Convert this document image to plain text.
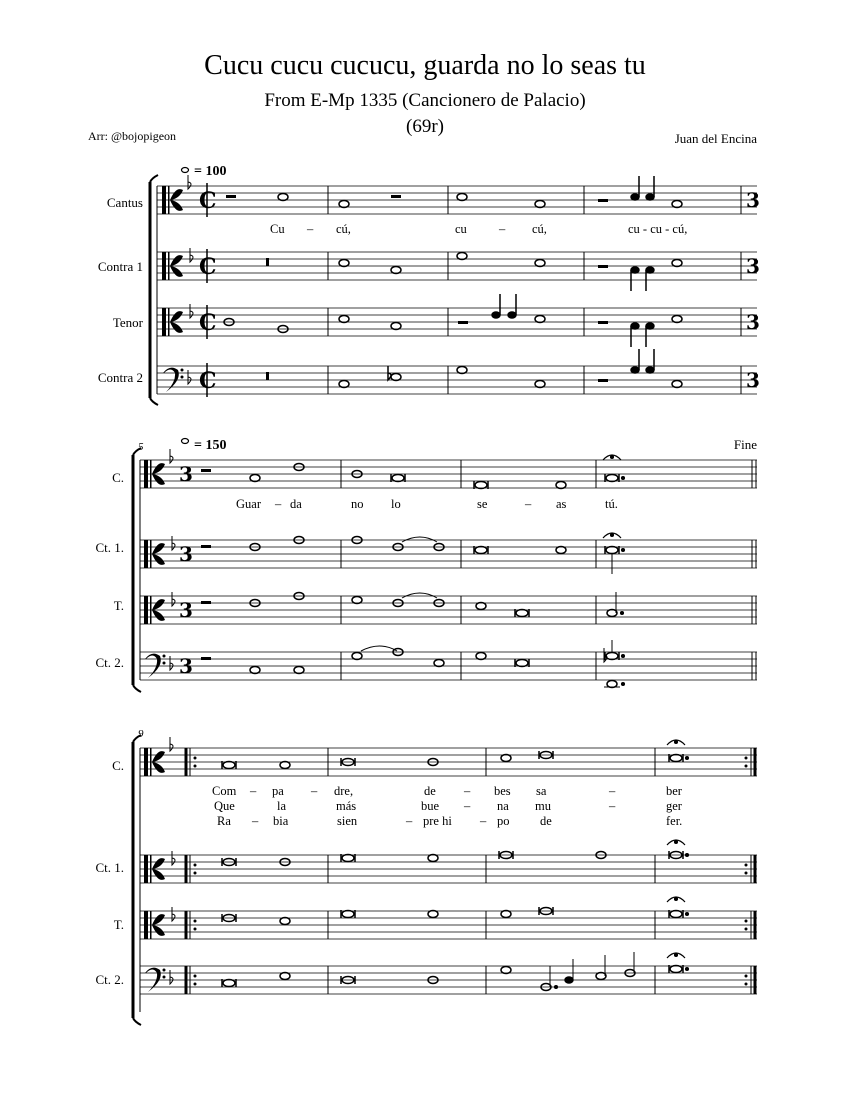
Cucu cucu cucucu, guarda no lo seas tu
From E-Mp 1335 (Cancionero de Palacio)
(69r)
Arr: @bojopigeon	Juan del Encina
= 100
Cantus
Contra 1
Tenor
Contra 2
C
C
C
C
3
3
3
3
Cu – cú,	cu	– cú,	cu - cu - cú,
5	= 150	Fine
C.
Ct. 1.
T.
Ct. 2.
3
3
3
3
Guar – da	no lo	se	– as	tú.
9
C.
Ct. 1.
T.
Ct. 2.
Com – pa – dre,	de – bes sa	–	ber
Que	la	más	bue – na mu	–	ger
Ra – bia	sien	– pre hi – po de	fer.
